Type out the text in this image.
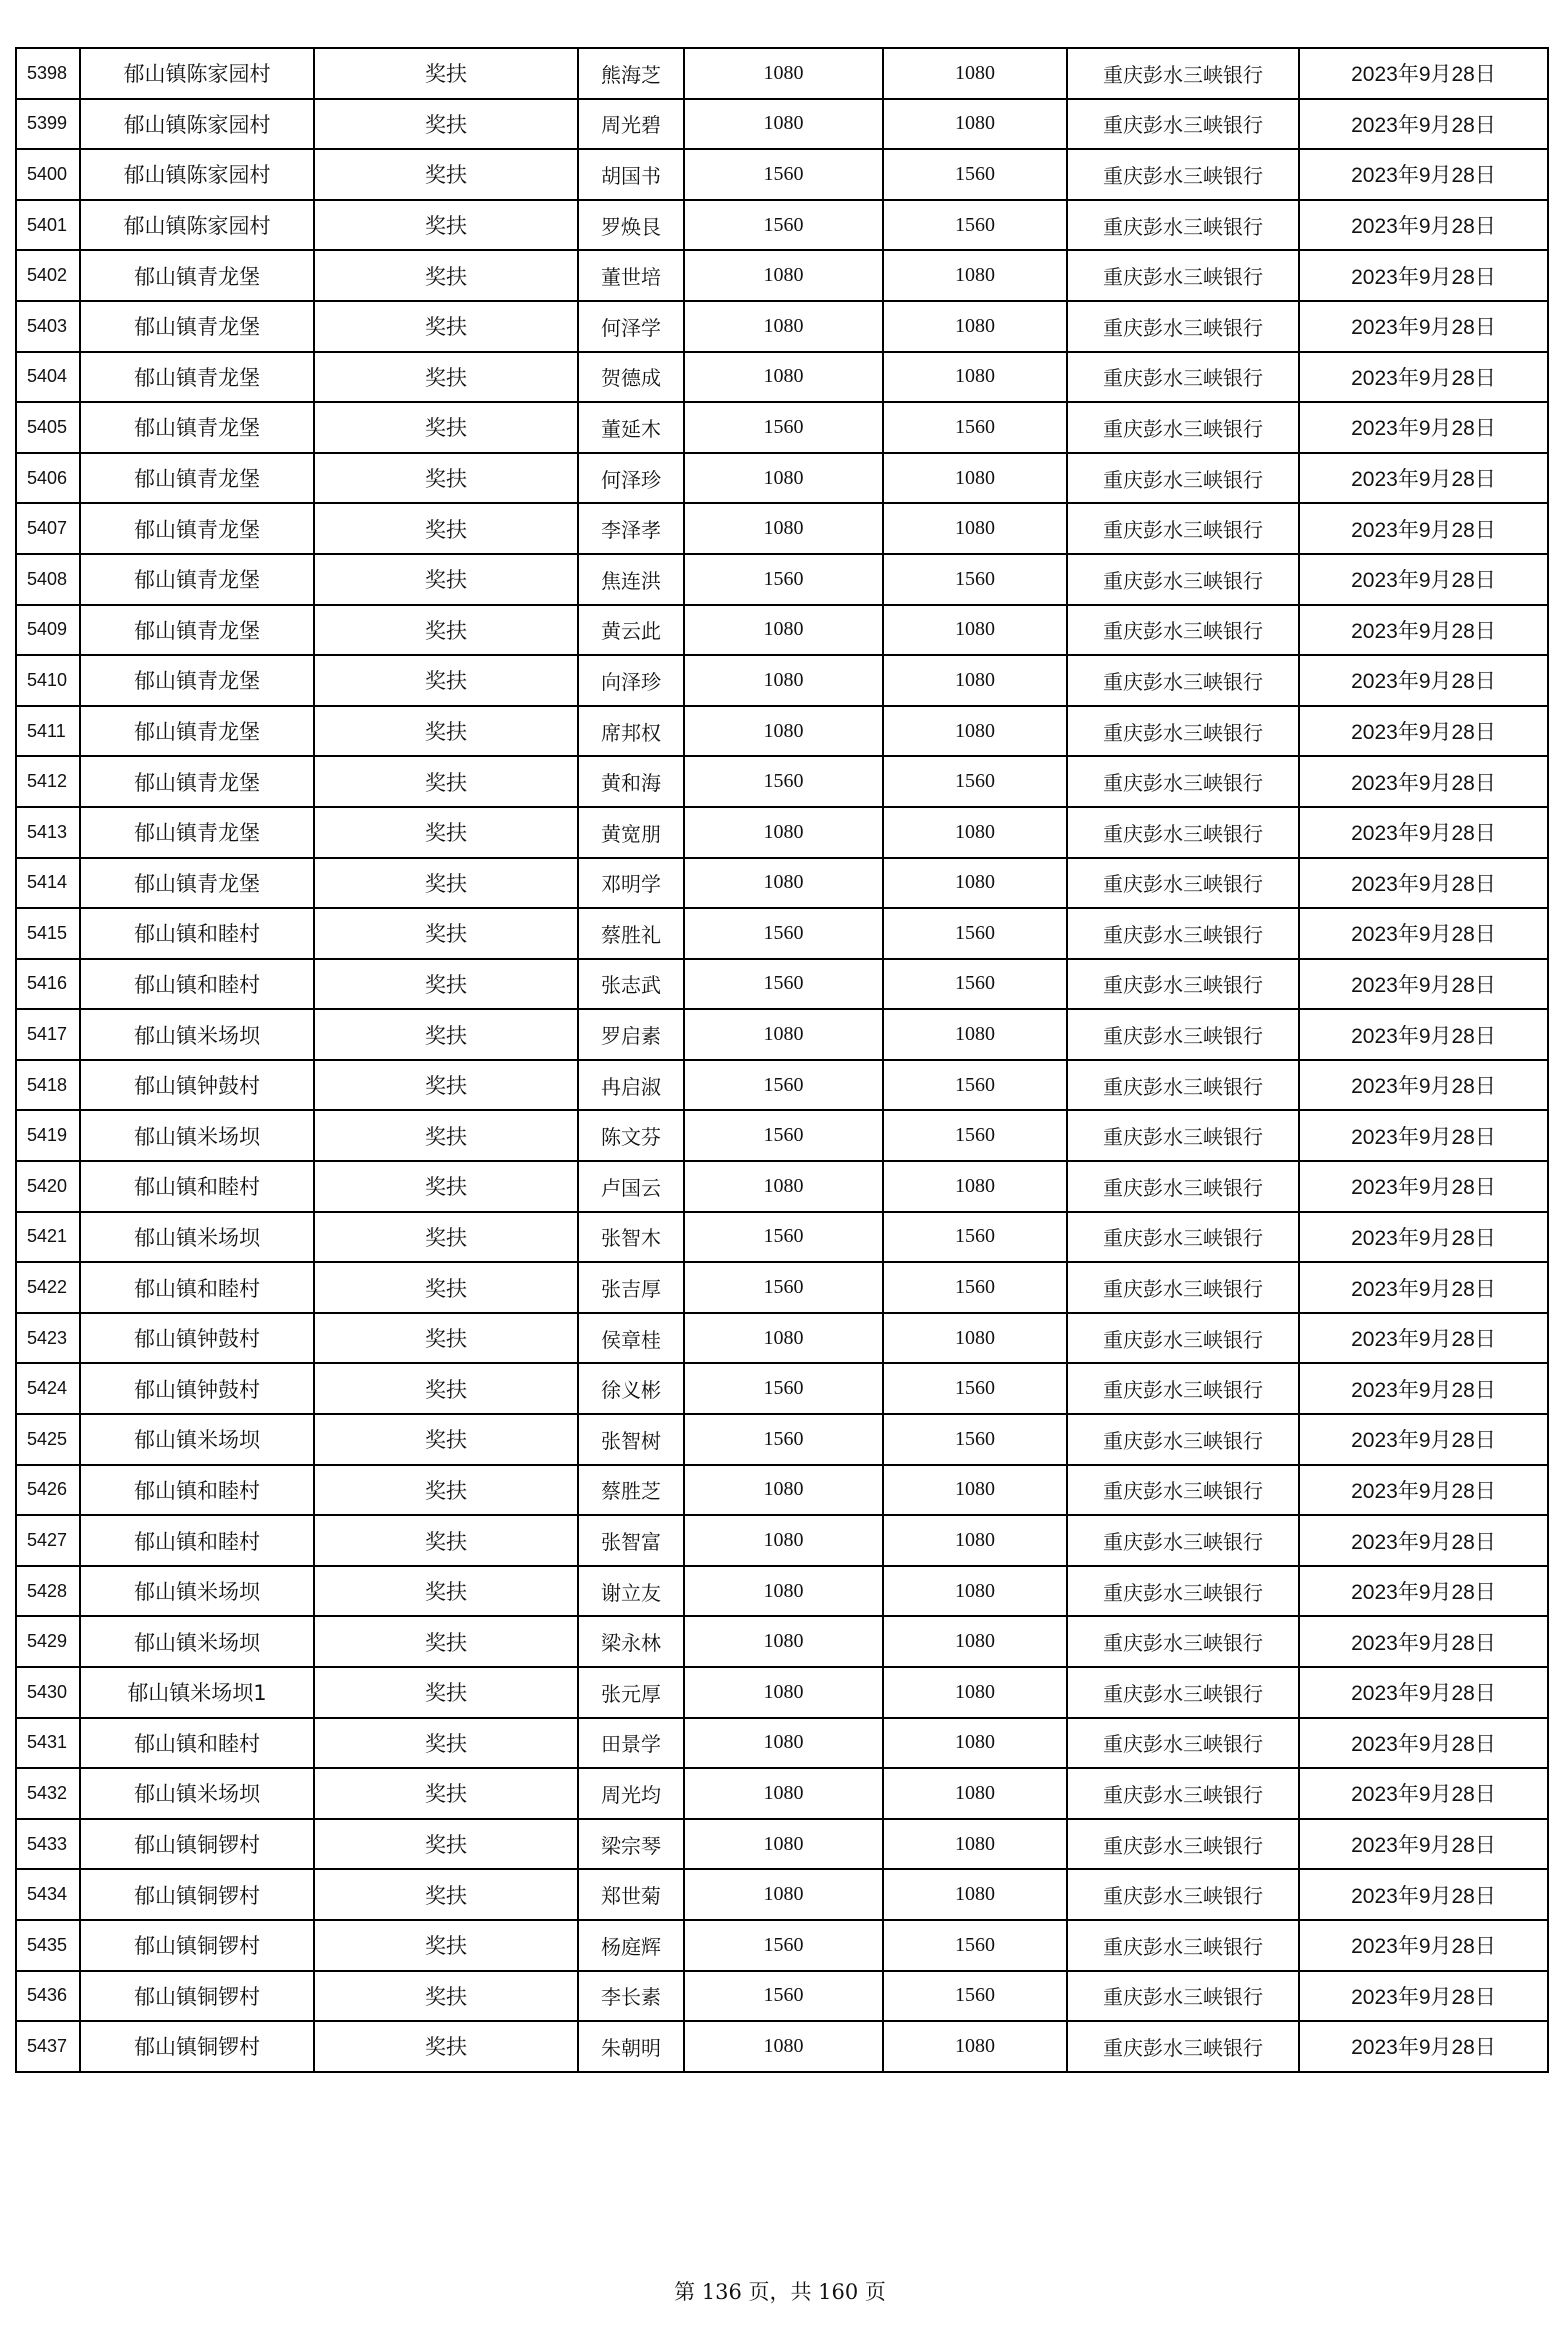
5398	郁山镇陈家园村	奖扶	熊海芝	1080	1080	重庆彭水三峡银行	2023年9月28日
5399	郁山镇陈家园村	奖扶	周光碧	1080	1080	重庆彭水三峡银行	2023年9月28日
5400	郁山镇陈家园村	奖扶	胡国书	1560	1560	重庆彭水三峡银行	2023年9月28日
5401	郁山镇陈家园村	奖扶	罗焕艮	1560	1560	重庆彭水三峡银行	2023年9月28日
5402	郁山镇青龙堡	奖扶	董世培	1080	1080	重庆彭水三峡银行	2023年9月28日
5403	郁山镇青龙堡	奖扶	何泽学	1080	1080	重庆彭水三峡银行	2023年9月28日
5404	郁山镇青龙堡	奖扶	贺德成	1080	1080	重庆彭水三峡银行	2023年9月28日
5405	郁山镇青龙堡	奖扶	董延木	1560	1560	重庆彭水三峡银行	2023年9月28日
5406	郁山镇青龙堡	奖扶	何泽珍	1080	1080	重庆彭水三峡银行	2023年9月28日
5407	郁山镇青龙堡	奖扶	李泽孝	1080	1080	重庆彭水三峡银行	2023年9月28日
5408	郁山镇青龙堡	奖扶	焦连洪	1560	1560	重庆彭水三峡银行	2023年9月28日
5409	郁山镇青龙堡	奖扶	黄云此	1080	1080	重庆彭水三峡银行	2023年9月28日
5410	郁山镇青龙堡	奖扶	向泽珍	1080	1080	重庆彭水三峡银行	2023年9月28日
5411	郁山镇青龙堡	奖扶	席邦权	1080	1080	重庆彭水三峡银行	2023年9月28日
5412	郁山镇青龙堡	奖扶	黄和海	1560	1560	重庆彭水三峡银行	2023年9月28日
5413	郁山镇青龙堡	奖扶	黄宽朋	1080	1080	重庆彭水三峡银行	2023年9月28日
5414	郁山镇青龙堡	奖扶	邓明学	1080	1080	重庆彭水三峡银行	2023年9月28日
5415	郁山镇和睦村	奖扶	蔡胜礼	1560	1560	重庆彭水三峡银行	2023年9月28日
5416	郁山镇和睦村	奖扶	张志武	1560	1560	重庆彭水三峡银行	2023年9月28日
5417	郁山镇米场坝	奖扶	罗启素	1080	1080	重庆彭水三峡银行	2023年9月28日
5418	郁山镇钟鼓村	奖扶	冉启淑	1560	1560	重庆彭水三峡银行	2023年9月28日
5419	郁山镇米场坝	奖扶	陈文芬	1560	1560	重庆彭水三峡银行	2023年9月28日
5420	郁山镇和睦村	奖扶	卢国云	1080	1080	重庆彭水三峡银行	2023年9月28日
5421	郁山镇米场坝	奖扶	张智木	1560	1560	重庆彭水三峡银行	2023年9月28日
5422	郁山镇和睦村	奖扶	张吉厚	1560	1560	重庆彭水三峡银行	2023年9月28日
5423	郁山镇钟鼓村	奖扶	侯章桂	1080	1080	重庆彭水三峡银行	2023年9月28日
5424	郁山镇钟鼓村	奖扶	徐义彬	1560	1560	重庆彭水三峡银行	2023年9月28日
5425	郁山镇米场坝	奖扶	张智树	1560	1560	重庆彭水三峡银行	2023年9月28日
5426	郁山镇和睦村	奖扶	蔡胜芝	1080	1080	重庆彭水三峡银行	2023年9月28日
5427	郁山镇和睦村	奖扶	张智富	1080	1080	重庆彭水三峡银行	2023年9月28日
5428	郁山镇米场坝	奖扶	谢立友	1080	1080	重庆彭水三峡银行	2023年9月28日
5429	郁山镇米场坝	奖扶	梁永林	1080	1080	重庆彭水三峡银行	2023年9月28日
5430	郁山镇米场坝1	奖扶	张元厚	1080	1080	重庆彭水三峡银行	2023年9月28日
5431	郁山镇和睦村	奖扶	田景学	1080	1080	重庆彭水三峡银行	2023年9月28日
5432	郁山镇米场坝	奖扶	周光均	1080	1080	重庆彭水三峡银行	2023年9月28日
5433	郁山镇铜锣村	奖扶	梁宗琴	1080	1080	重庆彭水三峡银行	2023年9月28日
5434	郁山镇铜锣村	奖扶	郑世菊	1080	1080	重庆彭水三峡银行	2023年9月28日
5435	郁山镇铜锣村	奖扶	杨庭辉	1560	1560	重庆彭水三峡银行	2023年9月28日
5436	郁山镇铜锣村	奖扶	李长素	1560	1560	重庆彭水三峡银行	2023年9月28日
5437	郁山镇铜锣村	奖扶	朱朝明	1080	1080	重庆彭水三峡银行	2023年9月28日
第 136 页，共 160 页
